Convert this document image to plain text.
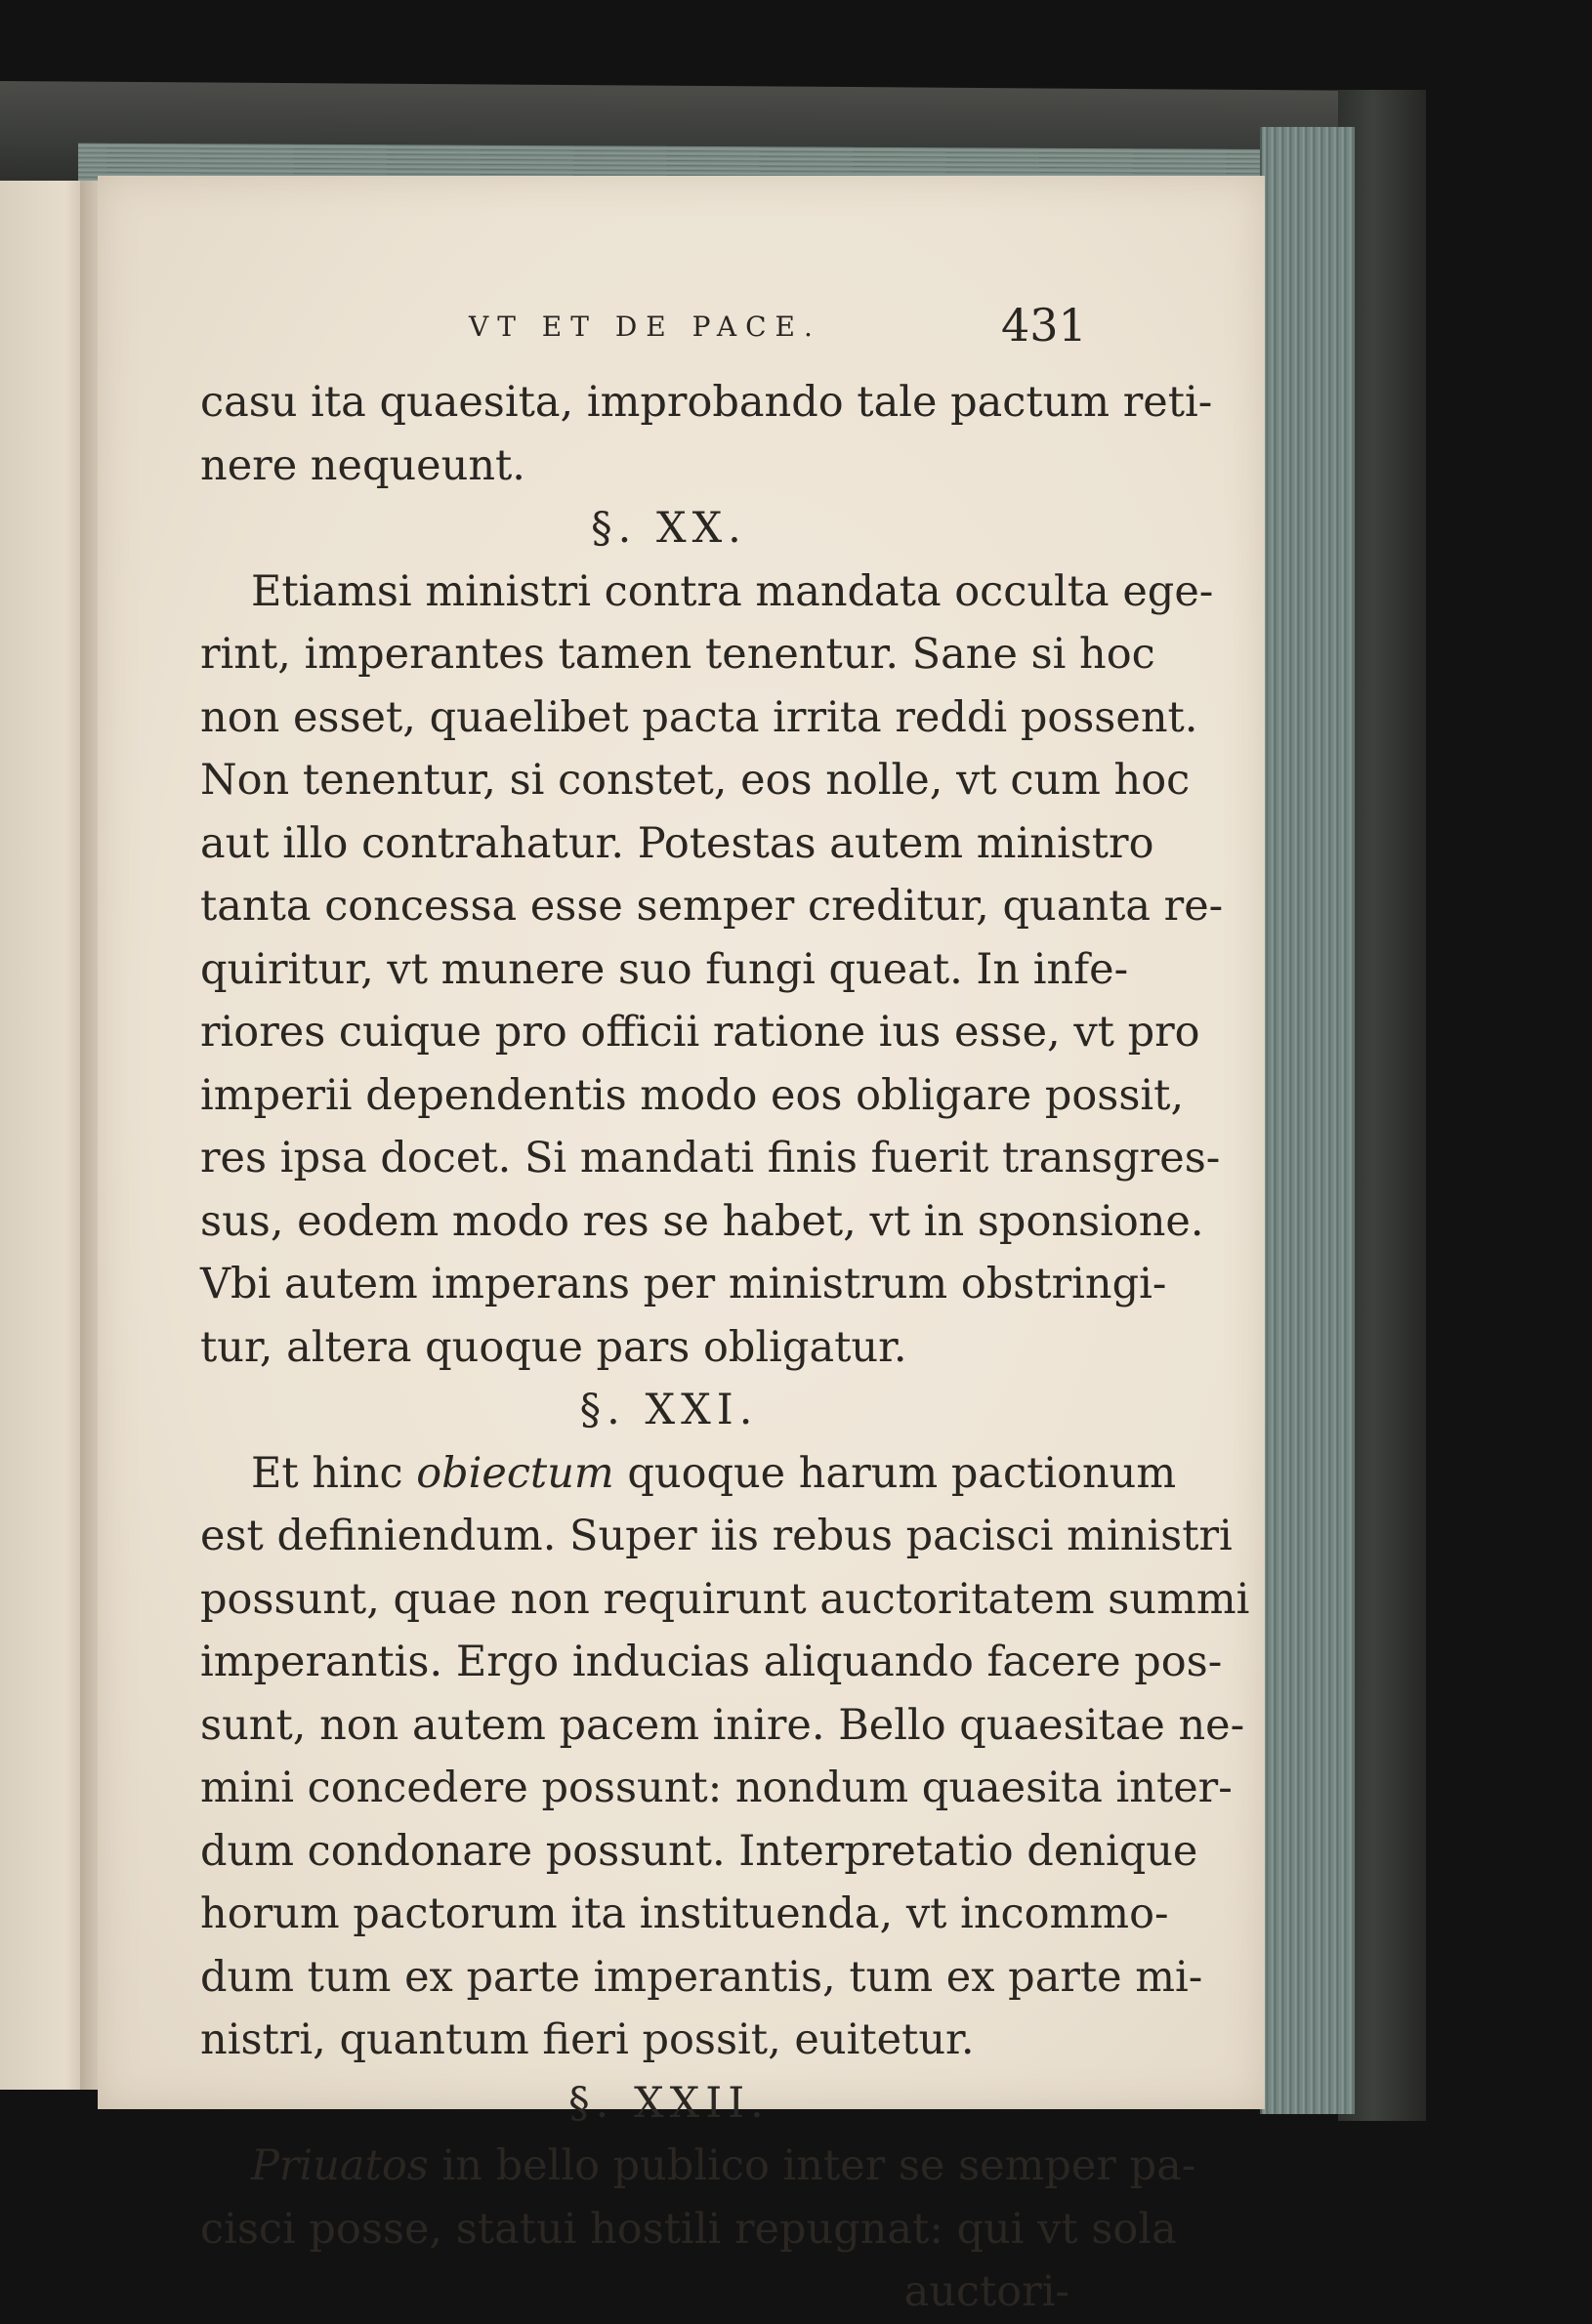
VT ET DE PACE.	431
casu ita quaesita, improbando tale pactum reti-
nere nequeunt.
§. XX.
Etiamsi ministri contra mandata occulta ege-
rint, imperantes tamen tenentur. Sane si hoc
non esset, quaelibet pacta irrita reddi possent.
Non tenentur, si constet, eos nolle, vt cum hoc
aut illo contrahatur. Potestas autem ministro
tanta concessa esse semper creditur, quanta re-
quiritur, vt munere suo fungi queat. In infe-
riores cuique pro officii ratione ius esse, vt pro
imperii dependentis modo eos obligare possit,
res ipsa docet. Si mandati finis fuerit transgres-
sus, eodem modo res se habet, vt in sponsione.
Vbi autem imperans per ministrum obstringi-
tur, altera quoque pars obligatur.
§. XXI.
Et hinc obiectum quoque harum pactionum
est definiendum. Super iis rebus pacisci ministri
possunt, quae non requirunt auctoritatem summi
imperantis. Ergo inducias aliquando facere pos-
sunt, non autem pacem inire. Bello quaesitae ne-
mini concedere possunt: nondum quaesita inter-
dum condonare possunt. Interpretatio denique
horum pactorum ita instituenda, vt incommo-
dum tum ex parte imperantis, tum ex parte mi-
nistri, quantum fieri possit, euitetur.
§. XXII.
Priuatos in bello publico inter se semper pa-
cisci posse, statui hostili repugnat: qui vt sola
auctori-
